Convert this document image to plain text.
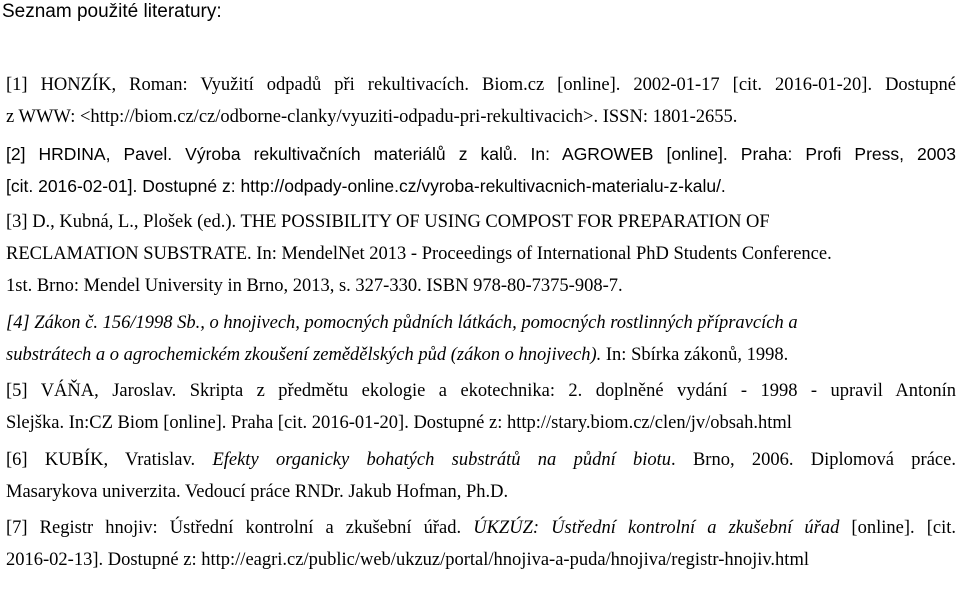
Seznam použité literatury:
[1] HONZÍK, Roman: Využití odpadů při rekultivacích. Biom.cz [online]. 2002-01-17 [cit. 2016-01-20]. Dostupné
z WWW: <http://biom.cz/cz/odborne-clanky/vyuziti-odpadu-pri-rekultivacich>. ISSN: 1801-2655.
[2] HRDINA, Pavel. Výroba rekultivačních materiálů z kalů. In: AGROWEB [online]. Praha: Profi Press, 2003
[cit. 2016-02-01]. Dostupné z: http://odpady-online.cz/vyroba-rekultivacnich-materialu-z-kalu/.
[3] D., Kubná, L., Plošek (ed.). THE POSSIBILITY OF USING COMPOST FOR PREPARATION OF
RECLAMATION SUBSTRATE. In: MendelNet 2013 - Proceedings of International PhD Students Conference.
1st. Brno: Mendel University in Brno, 2013, s. 327-330. ISBN 978-80-7375-908-7.
[4] Zákon č. 156/1998 Sb., o hnojivech, pomocných půdních látkách, pomocných rostlinných přípravcích a
substrátech a o agrochemickém zkoušení zemědělských půd (zákon o hnojivech). In: Sbírka zákonů, 1998.
[5] VÁŇA, Jaroslav. Skripta z předmětu ekologie a ekotechnika: 2. doplněné vydání - 1998 - upravil Antonín
Slejška. In:CZ Biom [online]. Praha [cit. 2016-01-20]. Dostupné z: http://stary.biom.cz/clen/jv/obsah.html
[6] KUBÍK, Vratislav. Efekty organicky bohatých substrátů na půdní biotu. Brno, 2006. Diplomová práce.
Masarykova univerzita. Vedoucí práce RNDr. Jakub Hofman, Ph.D.
[7] Registr hnojiv: Ústřední kontrolní a zkušební úřad. ÚKZÚZ: Ústřední kontrolní a zkušební úřad [online]. [cit.
2016-02-13]. Dostupné z: http://eagri.cz/public/web/ukzuz/portal/hnojiva-a-puda/hnojiva/registr-hnojiv.html
